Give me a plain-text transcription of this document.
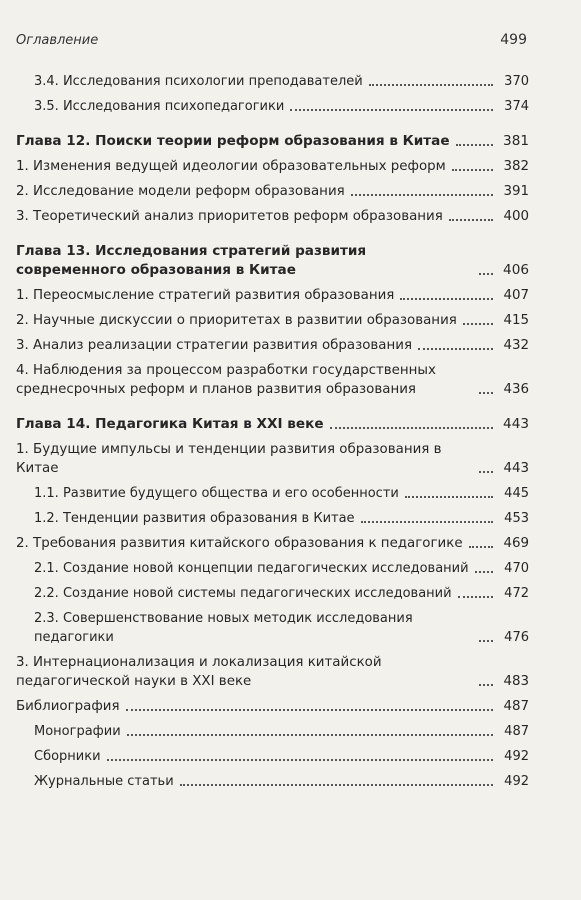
Оглавление	499
3.4. Исследования психологии преподавателей	370
3.5. Исследования психопедагогики	374
Глава 12. Поиски теории реформ образования в Китае	381
1. Изменения ведущей идеологии образовательных реформ	382
2. Исследование модели реформ образования	391
3. Теоретический анализ приоритетов реформ образования	400
Глава 13. Исследования стратегий развития современного образования в Китае	406
1. Переосмысление стратегий развития образования	407
2. Научные дискуссии о приоритетах в развитии образования	415
3. Анализ реализации стратегии развития образования	432
4. Наблюдения за процессом разработки государственных среднесрочных реформ и планов развития образования	436
Глава 14. Педагогика Китая в XXI веке	443
1. Будущие импульсы и тенденции развития образования в Китае	443
1.1. Развитие будущего общества и его особенности	445
1.2. Тенденции развития образования в Китае	453
2. Требования развития китайского образования к педагогике	469
2.1. Создание новой концепции педагогических исследований	470
2.2. Создание новой системы педагогических исследований	472
2.3. Совершенствование новых методик исследования педагогики	476
3. Интернационализация и локализация китайской педагогической науки в XXI веке	483
Библиография	487
Монографии	487
Сборники	492
Журнальные статьи	492
